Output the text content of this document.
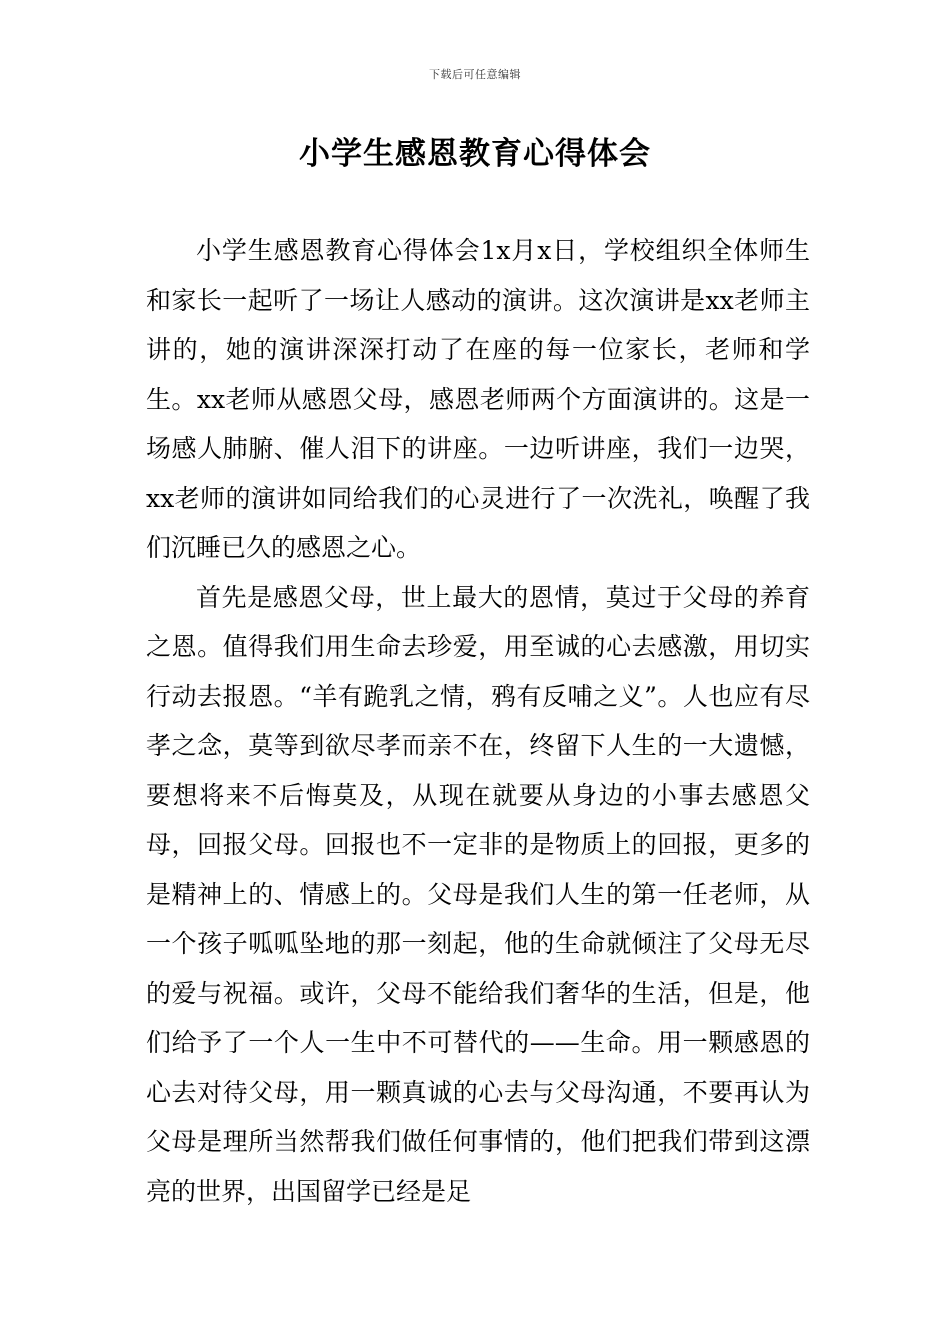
下载后可任意编辑
小学生感恩教育心得体会

小学生感恩教育心得体会1x月x日，学校组织全体师生和家长一起听了一场让人感动的演讲。这次演讲是xx老师主讲的，她的演讲深深打动了在座的每一位家长，老师和学生。xx老师从感恩父母，感恩老师两个方面演讲的。这是一场感人肺腑、催人泪下的讲座。一边听讲座，我们一边哭，xx老师的演讲如同给我们的心灵进行了一次洗礼，唤醒了我们沉睡已久的感恩之心。

首先是感恩父母，世上最大的恩情，莫过于父母的养育之恩。值得我们用生命去珍爱，用至诚的心去感激，用切实行动去报恩。“羊有跪乳之情，鸦有反哺之义”。人也应有尽孝之念，莫等到欲尽孝而亲不在，终留下人生的一大遗憾，要想将来不后悔莫及，从现在就要从身边的小事去感恩父母，回报父母。回报也不一定非的是物质上的回报，更多的是精神上的、情感上的。父母是我们人生的第一任老师，从一个孩子呱呱坠地的那一刻起，他的生命就倾注了父母无尽的爱与祝福。或许，父母不能给我们奢华的生活，但是，他们给予了一个人一生中不可替代的——生命。用一颗感恩的心去对待父母，用一颗真诚的心去与父母沟通，不要再认为父母是理所当然帮我们做任何事情的，他们把我们带到这漂亮的世界，出国留学已经是足
